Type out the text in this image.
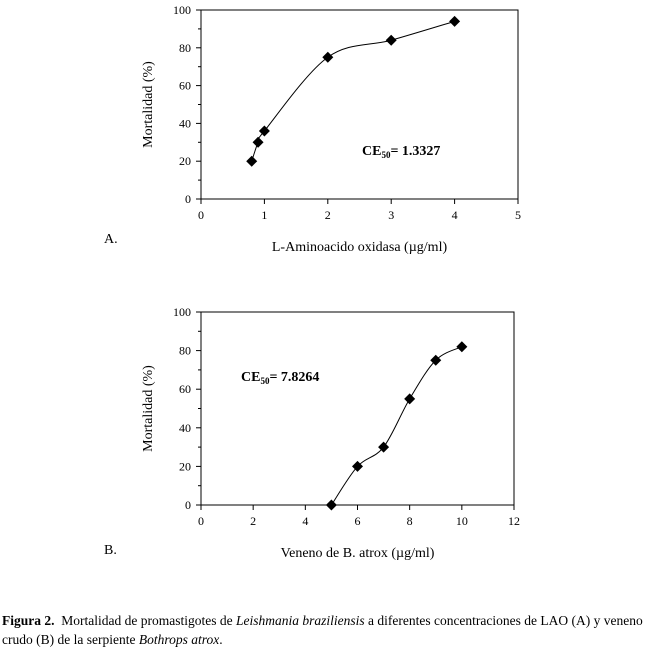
0
20
40
60
80
100
0	1	2	3	4	5
L-Aminoacido oxidasa (µg/ml)
Mortalidad (%)
A.
$CE_{50}= 1.3327$
0
20
40
60
80
100
0	2	4	6	8	10	12
Veneno de B. atrox (µg/ml)
Mortalidad (%)
B.
$CE_{50}= 7.8264$

Figura 2. Mortalidad de promastigotes de Leishmania braziliensis a diferentes concentraciones de LAO (A) y veneno crudo (B) de la serpiente Bothrops atrox.
